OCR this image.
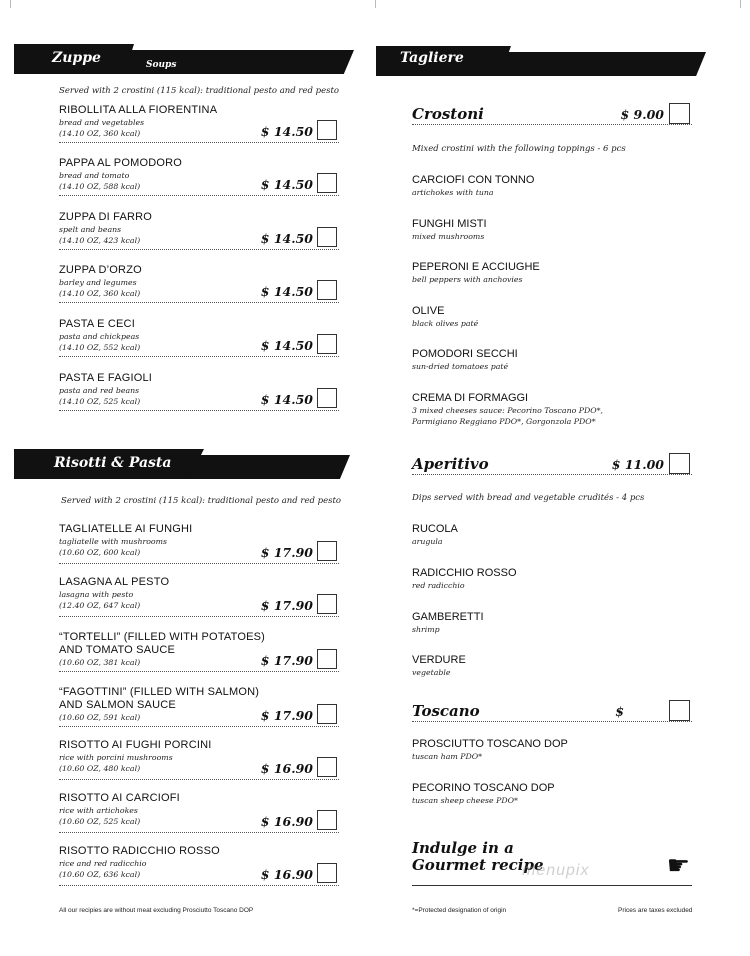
Zuppe	Soups
Served with 2 crostini (115 kcal): traditional pesto and red pesto
RIBOLLITA ALLA FIORENTINA
bread and vegetables
(14.10 OZ, 360 kcal)	$ 14.50
PAPPA AL POMODORO
bread and tomato
(14.10 OZ, 588 kcal)	$ 14.50
ZUPPA DI FARRO
spelt and beans
(14.10 OZ, 423 kcal)	$ 14.50
ZUPPA D’ORZO
barley and legumes
(14.10 OZ, 360 kcal)	$ 14.50
PASTA E CECI
pasta and chickpeas
(14.10 OZ, 552 kcal)	$ 14.50
PASTA E FAGIOLI
pasta and red beans
(14.10 OZ, 525 kcal)	$ 14.50
Risotti & Pasta
Served with 2 crostini (115 kcal): traditional pesto and red pesto
TAGLIATELLE AI FUNGHI
tagliatelle with mushrooms
(10.60 OZ, 600 kcal)	$ 17.90
LASAGNA AL PESTO
lasagna with pesto
(12.40 OZ, 647 kcal)	$ 17.90
“TORTELLI” (FILLED WITH POTATOES)
AND TOMATO SAUCE
(10.60 OZ, 381 kcal)	$ 17.90
“FAGOTTINI” (FILLED WITH SALMON)
AND SALMON SAUCE
(10.60 OZ, 591 kcal)	$ 17.90
RISOTTO AI FUGHI PORCINI
rice with porcini mushrooms
(10.60 OZ, 480 kcal)	$ 16.90
RISOTTO AI CARCIOFI
rice with artichokes
(10.60 OZ, 525 kcal)	$ 16.90
RISOTTO RADICCHIO ROSSO
rice and red radicchio
(10.60 OZ, 636 kcal)	$ 16.90
Tagliere
Crostoni	$ 9.00
Mixed crostini with the following toppings - 6 pcs
CARCIOFI CON TONNO
artichokes with tuna
FUNGHI MISTI
mixed mushrooms
PEPERONI E ACCIUGHE
bell peppers with anchovies
OLIVE
black olives paté
POMODORI SECCHI
sun-dried tomatoes paté
CREMA DI FORMAGGI
3 mixed cheeses sauce: Pecorino Toscano PDO*,
Parmigiano Reggiano PDO*, Gorgonzola PDO*
Aperitivo	$ 11.00
Dips served with bread and vegetable crudités - 4 pcs
RUCOLA
arugula
RADICCHIO ROSSO
red radicchio
GAMBERETTI
shrimp
VERDURE
vegetable
Toscano	$
PROSCIUTTO TOSCANO DOP
tuscan ham PDO*
PECORINO TOSCANO DOP
tuscan sheep cheese PDO*
Indulge in a
Gourmet recipe	☛
menupix
All our recipies are without meat excluding Prosciutto Toscano DOP	*=Protected designation of origin	Prices are taxes excluded
